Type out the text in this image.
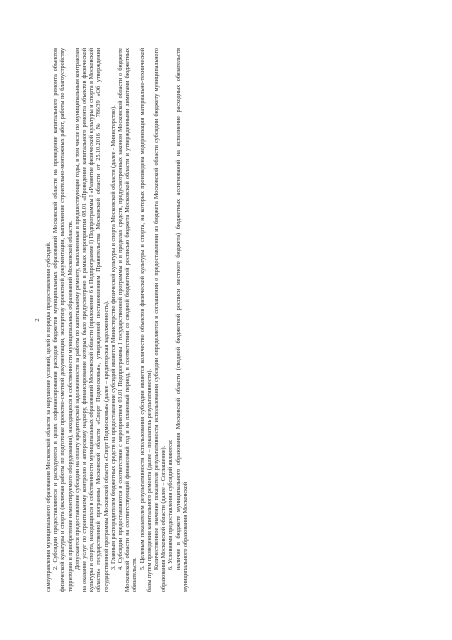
2 самоуправления муниципального образования Московской области за нарушение условий, целей и порядка предоставления субсидий. 2. Субсидии предоставляются и расходуются в целях софинансирования расходов бюджетов муниципальных образований Московской области на проведение капитального ремонта объектов физической культуры и спорта (включая работы по подготовке проектно-сметной документации, экспертизу проектной документации, выполнение строительно-монтажных работ, работы по благоустройству территории и приобретение немонтируемого оборудования), находящихся в собственности муниципальных образований Московской области. Допускается предоставление субсидии на оплату кредиторской задолженности за работы по капитальному ремонту, выполненные в предшествующие годы, в том числе по муниципальным контрактам на оказание услуг по строительному контролю и авторскому надзору, финансирование которых было предусмотрено в рамках мероприятия 08.01 «Проведение капитального ремонта объектов физической культуры и спорта, находящихся в собственности муниципальных образований Московской области (приложение 6 к Подпрограмме I) Подпрограммы I «Развитие физической культуры и спорта в Московской области» государственной программы Московской области «Спорт Подмосковья», утвержденной постановлением Правительства Московской области от 25.10.2016 № 786/39 «Об утверждении государственной программы Московской области «Спорт Подмосковья» (далее – кредиторская задолженность). 3. Главным распорядителем бюджетных средств на предоставление субсидий является Министерство физической культуры и спорта Московской области (далее - Министерство). 4. Субсидии предоставляются в соответствии с мероприятием 03.01 Подпрограммы I государственной программы и в пределах средств, предусмотренных законом Московской области о бюджете Московской области на соответствующий финансовый год и на плановый период, в соответствии со сводной бюджетной росписью бюджета Московской области и утвержденными лимитами бюджетных обязательств.

5. Целевым показателем результативности использования субсидии является количество объектов физической культуры и спорта, на которых произведена модернизация материально-технической базы путем проведения капитального ремонта (далее – показатель результативности). Количественное значение показателя результативности использования субсидии определяется в соглашении о предоставлении из бюджета Московской области субсидии бюджету муниципального образования Московской области (далее – Соглашение). 6. Условиями предоставления субсидий являются: наличие в бюджете муниципального образования Московской области (сводной бюджетной росписи местного бюджета) бюджетных ассигнований на исполнение расходных обязательств муниципального образования Московской
